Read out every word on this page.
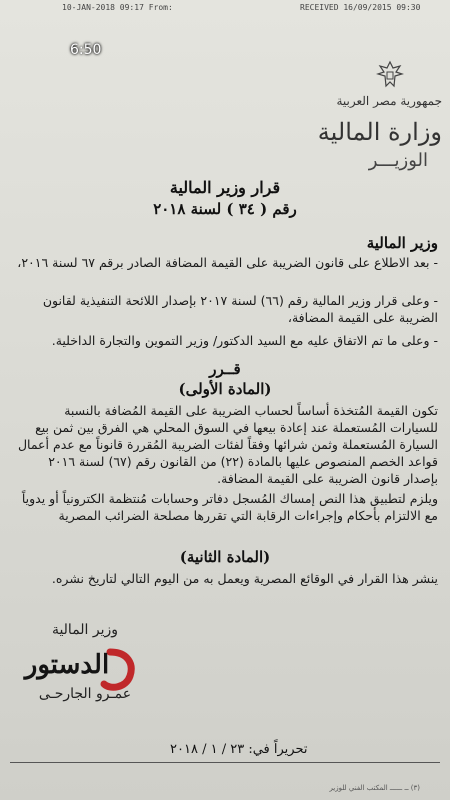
10-JAN-2018 09:17 From:	RECEIVED 16/09/2015 09:30
6:50
جمهورية مصر العربية
وزارة المالية
الوزيـــر
قرار وزير المالية
رقم ( ٣٤ ) لسنة ٢٠١٨
وزير المالية
- بعد الاطلاع على قانون الضريبة على القيمة المضافة الصادر برقم ٦٧ لسنة ٢٠١٦،
- وعلى قرار وزير المالية رقم (٦٦) لسنة ٢٠١٧ بإصدار اللائحة التنفيذية لقانون الضريبة على القيمة المضافة،
- وعلى ما تم الاتفاق عليه مع السيد الدكتور/ وزير التموين والتجارة الداخلية.
قــرر
(المادة الأولى)
تكون القيمة المُتخذة أساساً لحساب الضريبة على القيمة المُضافة بالنسبة للسيارات المُستعملة عند إعادة بيعها في السوق المحلي هي الفرق بين ثمن بيع السيارة المُستعملة وثمن شرائها وفقاً لفئات الضريبة المُقررة قانوناً مع عدم أعمال قواعد الخصم المنصوص عليها بالمادة (٢٢) من القانون رقم (٦٧) لسنة ٢٠١٦ بإصدار قانون الضريبة على القيمة المضافة.
ويلزم لتطبيق هذا النص إمساك المُسجل دفاتر وحسابات مُنتظمة الكترونياً أو يدوياً مع الالتزام بأحكام وإجراءات الرقابة التي تقررها مصلحة الضرائب المصرية
(المادة الثانية)
ينشر هذا القرار في الوقائع المصرية ويعمل به من اليوم التالي لتاريخ نشره.
وزير المالية
عمـرو الجارحـى
الدستور
تحريراً في: ٢٣ / ١ / ٢٠١٨
(٣) ــ ــــــ المكتب الفني للوزير
